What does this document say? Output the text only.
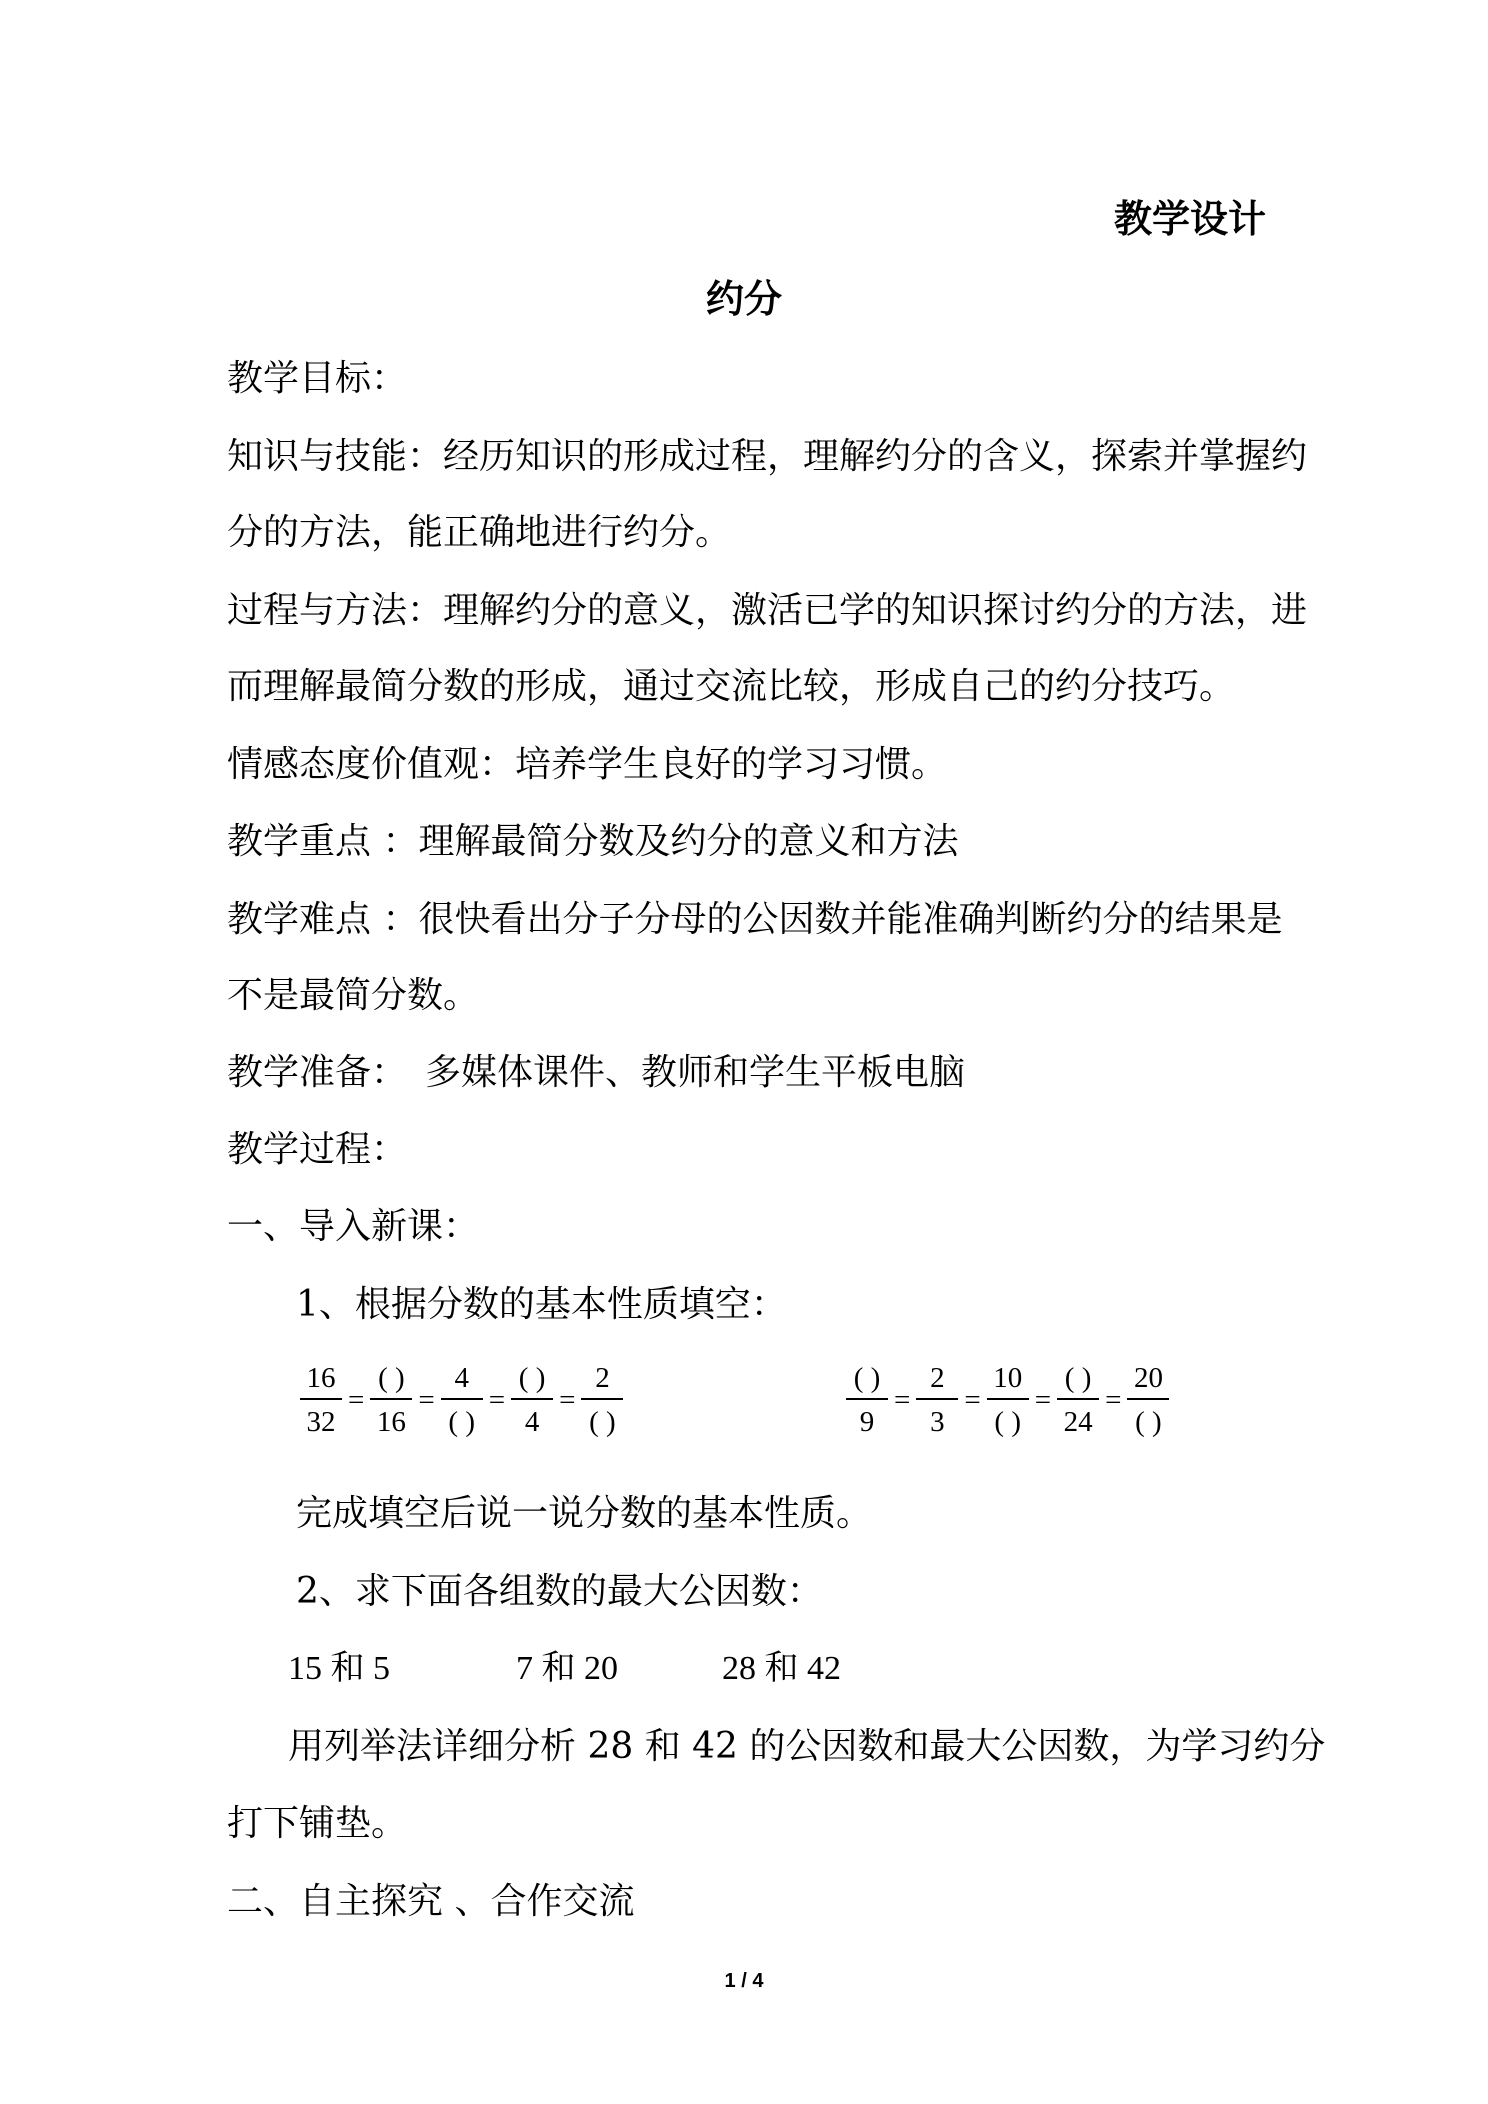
教学设计
约分
教学目标：
知识与技能：经历知识的形成过程，理解约分的含义，探索并掌握约
分的方法，能正确地进行约分。
过程与方法：理解约分的意义，激活已学的知识探讨约分的方法，进
而理解最简分数的形成，通过交流比较，形成自己的约分技巧。
情感态度价值观：培养学生良好的学习习惯。
教学重点 ：理解最简分数及约分的意义和方法
教学难点 ：很快看出分子分母的公因数并能准确判断约分的结果是
不是最简分数。
教学准备：　多媒体课件、教师和学生平板电脑
教学过程：
一、导入新课：
1、根据分数的基本性质填空：
$\frac{16}{32} = \frac{( )}{16} = \frac{4}{( )} = \frac{( )}{4} = \frac{2}{( )}$	$\frac{( )}{9} = \frac{2}{3} = \frac{10}{( )} = \frac{( )}{24} = \frac{20}{( )}$
完成填空后说一说分数的基本性质。
2、求下面各组数的最大公因数：
15 和 5	7 和 20	28 和 42
用列举法详细分析 28 和 42 的公因数和最大公因数，为学习约分
打下铺垫。
二、自主探究 、合作交流
1 / 4
